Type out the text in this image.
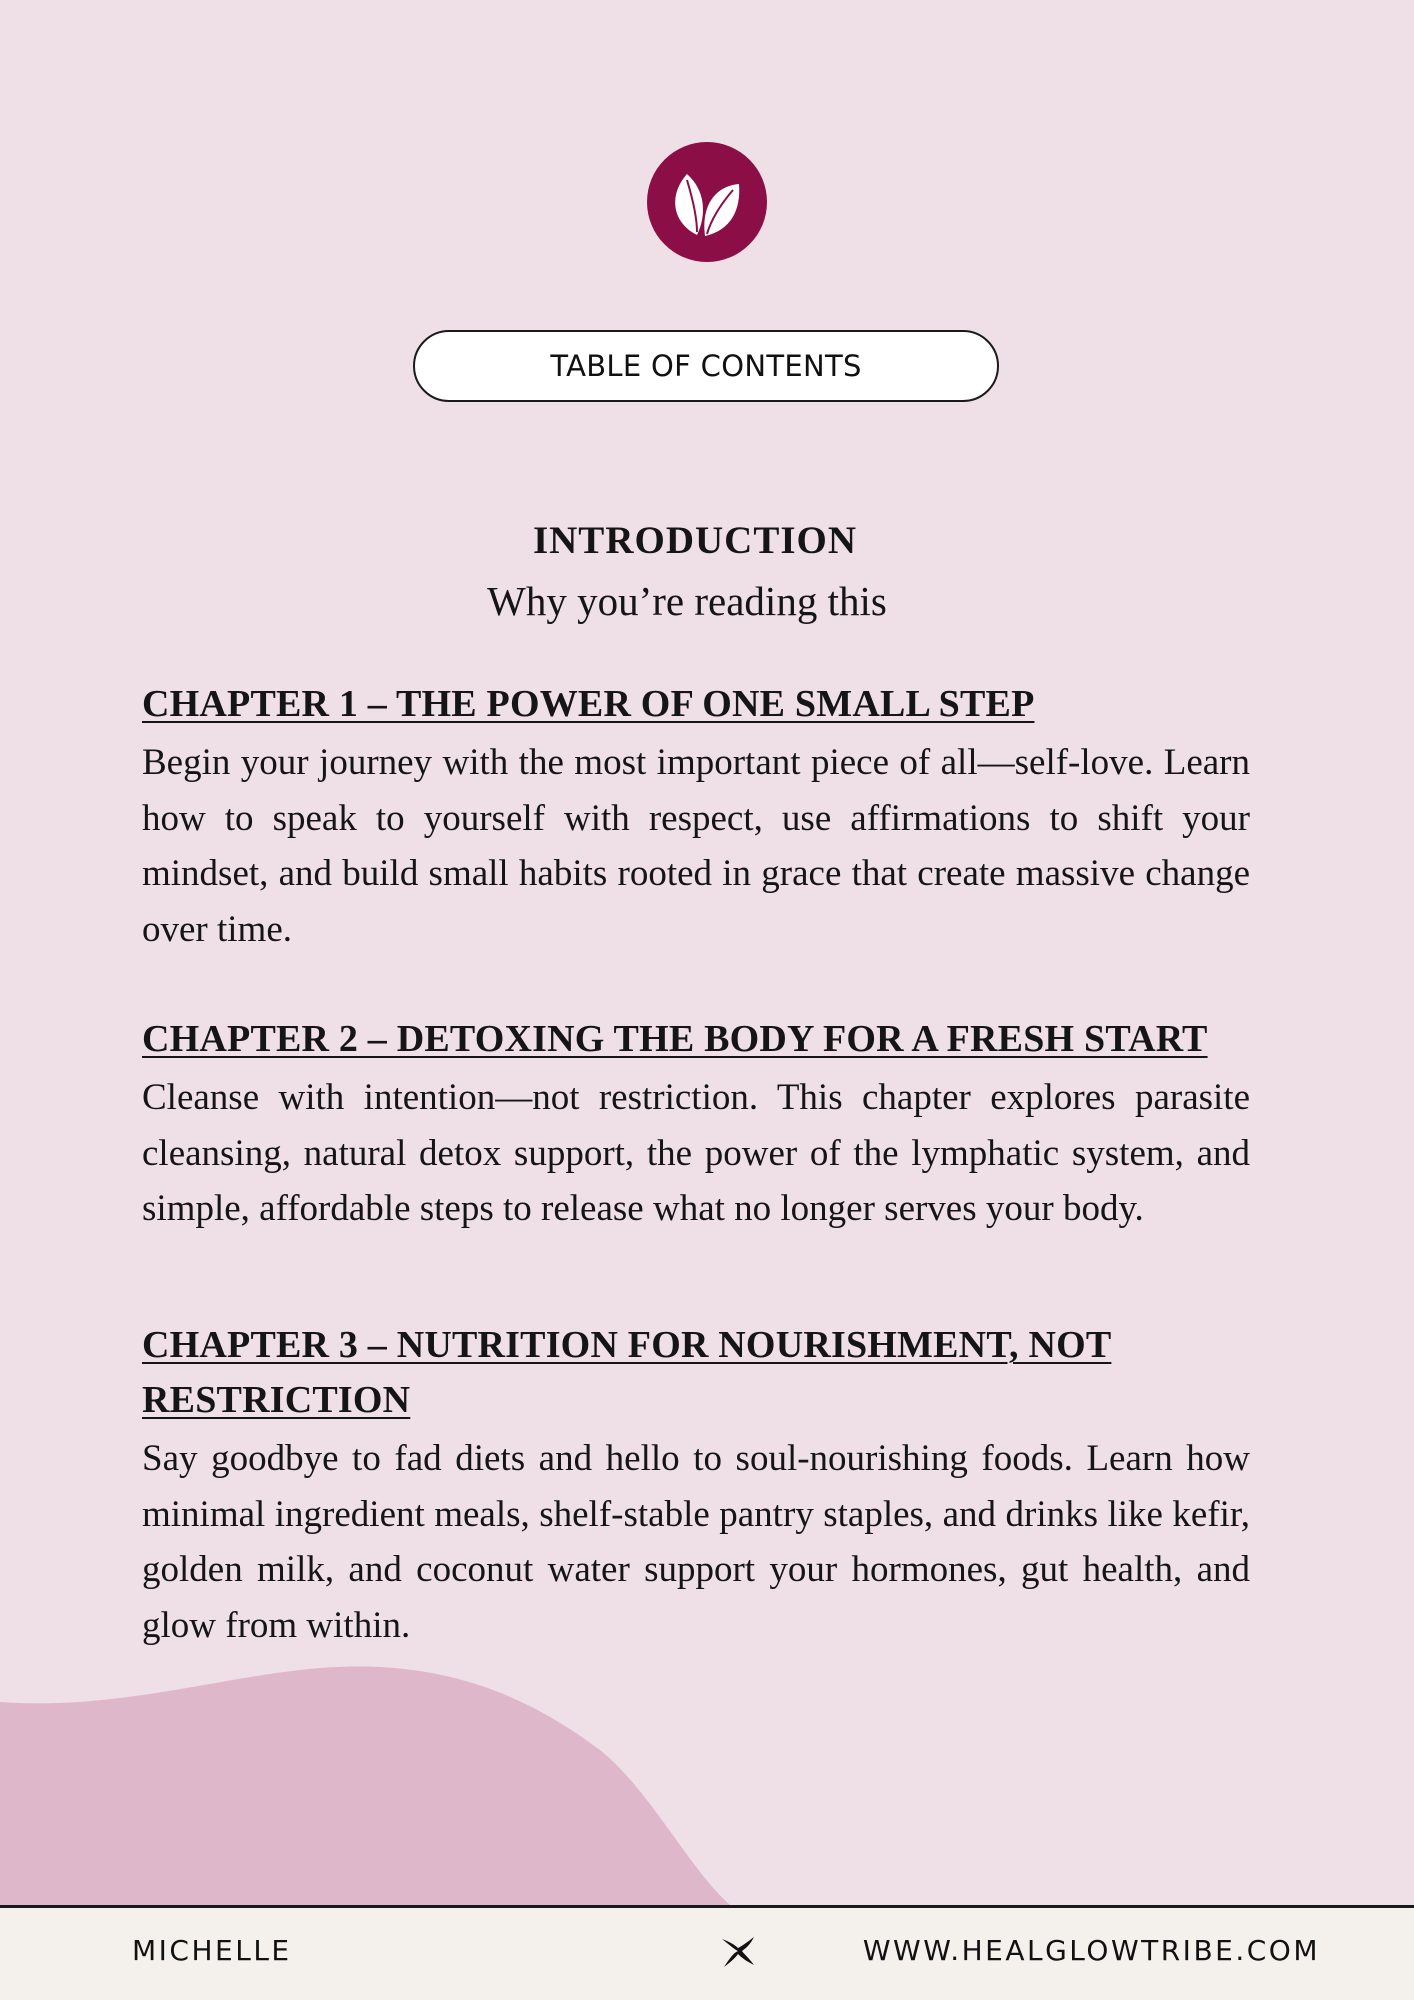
TABLE OF CONTENTS
INTRODUCTION
Why you’re reading this
CHAPTER 1 – THE POWER OF ONE SMALL STEP
Begin your journey with the most important piece of all—self-love. Learn how to speak to yourself with respect, use affirmations to shift your mindset, and build small habits rooted in grace that create massive change over time.
CHAPTER 2 – DETOXING THE BODY FOR A FRESH START
Cleanse with intention—not restriction. This chapter explores parasite cleansing, natural detox support, the power of the lymphatic system, and simple, affordable steps to release what no longer serves your body.
CHAPTER 3 – NUTRITION FOR NOURISHMENT, NOT RESTRICTION
Say goodbye to fad diets and hello to soul-nourishing foods. Learn how minimal ingredient meals, shelf-stable pantry staples, and drinks like kefir, golden milk, and coconut water support your hormones, gut health, and glow from within.
MICHELLE	WWW.HEALGLOWTRIBE.COM
